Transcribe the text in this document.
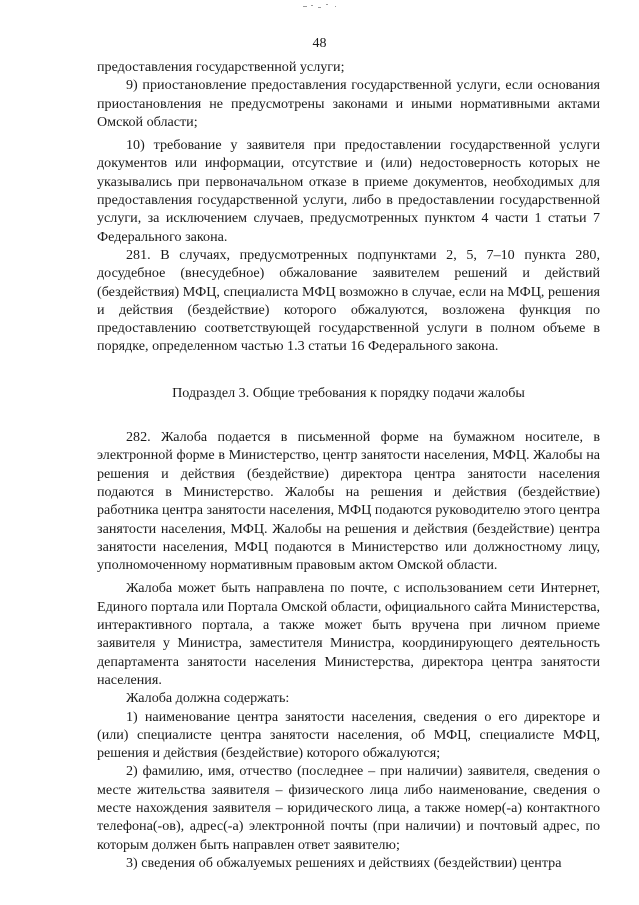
48

предоставления государственной услуги;

9) приостановление предоставления государственной услуги, если основания приостановления не предусмотрены законами и иными нормативными актами Омской области;

10) требование у заявителя при предоставлении государственной услуги документов или информации, отсутствие и (или) недостоверность которых не указывались при первоначальном отказе в приеме документов, необходимых для предоставления государственной услуги, либо в предоставлении государственной услуги, за исключением случаев, предусмотренных пунктом 4 части 1 статьи 7 Федерального закона.

281. В случаях, предусмотренных подпунктами 2, 5, 7–10 пункта 280, досудебное (внесудебное) обжалование заявителем решений и действий (бездействия) МФЦ, специалиста МФЦ возможно в случае, если на МФЦ, решения и действия (бездействие) которого обжалуются, возложена функция по предоставлению соответствующей государственной услуги в полном объеме в порядке, определенном частью 1.3 статьи 16 Федерального закона.

Подраздел 3. Общие требования к порядку подачи жалобы

282. Жалоба подается в письменной форме на бумажном носителе, в электронной форме в Министерство, центр занятости населения, МФЦ. Жалобы на решения и действия (бездействие) директора центра занятости населения подаются в Министерство. Жалобы на решения и действия (бездействие) работника центра занятости населения, МФЦ подаются руководителю этого центра занятости населения, МФЦ. Жалобы на решения и действия (бездействие) центра занятости населения, МФЦ подаются в Министерство или должностному лицу, уполномоченному нормативным правовым актом Омской области.

Жалоба может быть направлена по почте, с использованием сети Интернет, Единого портала или Портала Омской области, официального сайта Министерства, интерактивного портала, а также может быть вручена при личном приеме заявителя у Министра, заместителя Министра, координирующего деятельность департамента занятости населения Министерства, директора центра занятости населения.

Жалоба должна содержать:

1) наименование центра занятости населения, сведения о его директоре и (или) специалисте центра занятости населения, об МФЦ, специалисте МФЦ, решения и действия (бездействие) которого обжалуются;

2) фамилию, имя, отчество (последнее – при наличии) заявителя, сведения о месте жительства заявителя – физического лица либо наименование, сведения о месте нахождения заявителя – юридического лица, а также номер(-а) контактного телефона(-ов), адрес(-а) электронной почты (при наличии) и почтовый адрес, по которым должен быть направлен ответ заявителю;

3) сведения об обжалуемых решениях и действиях (бездействии) центра
